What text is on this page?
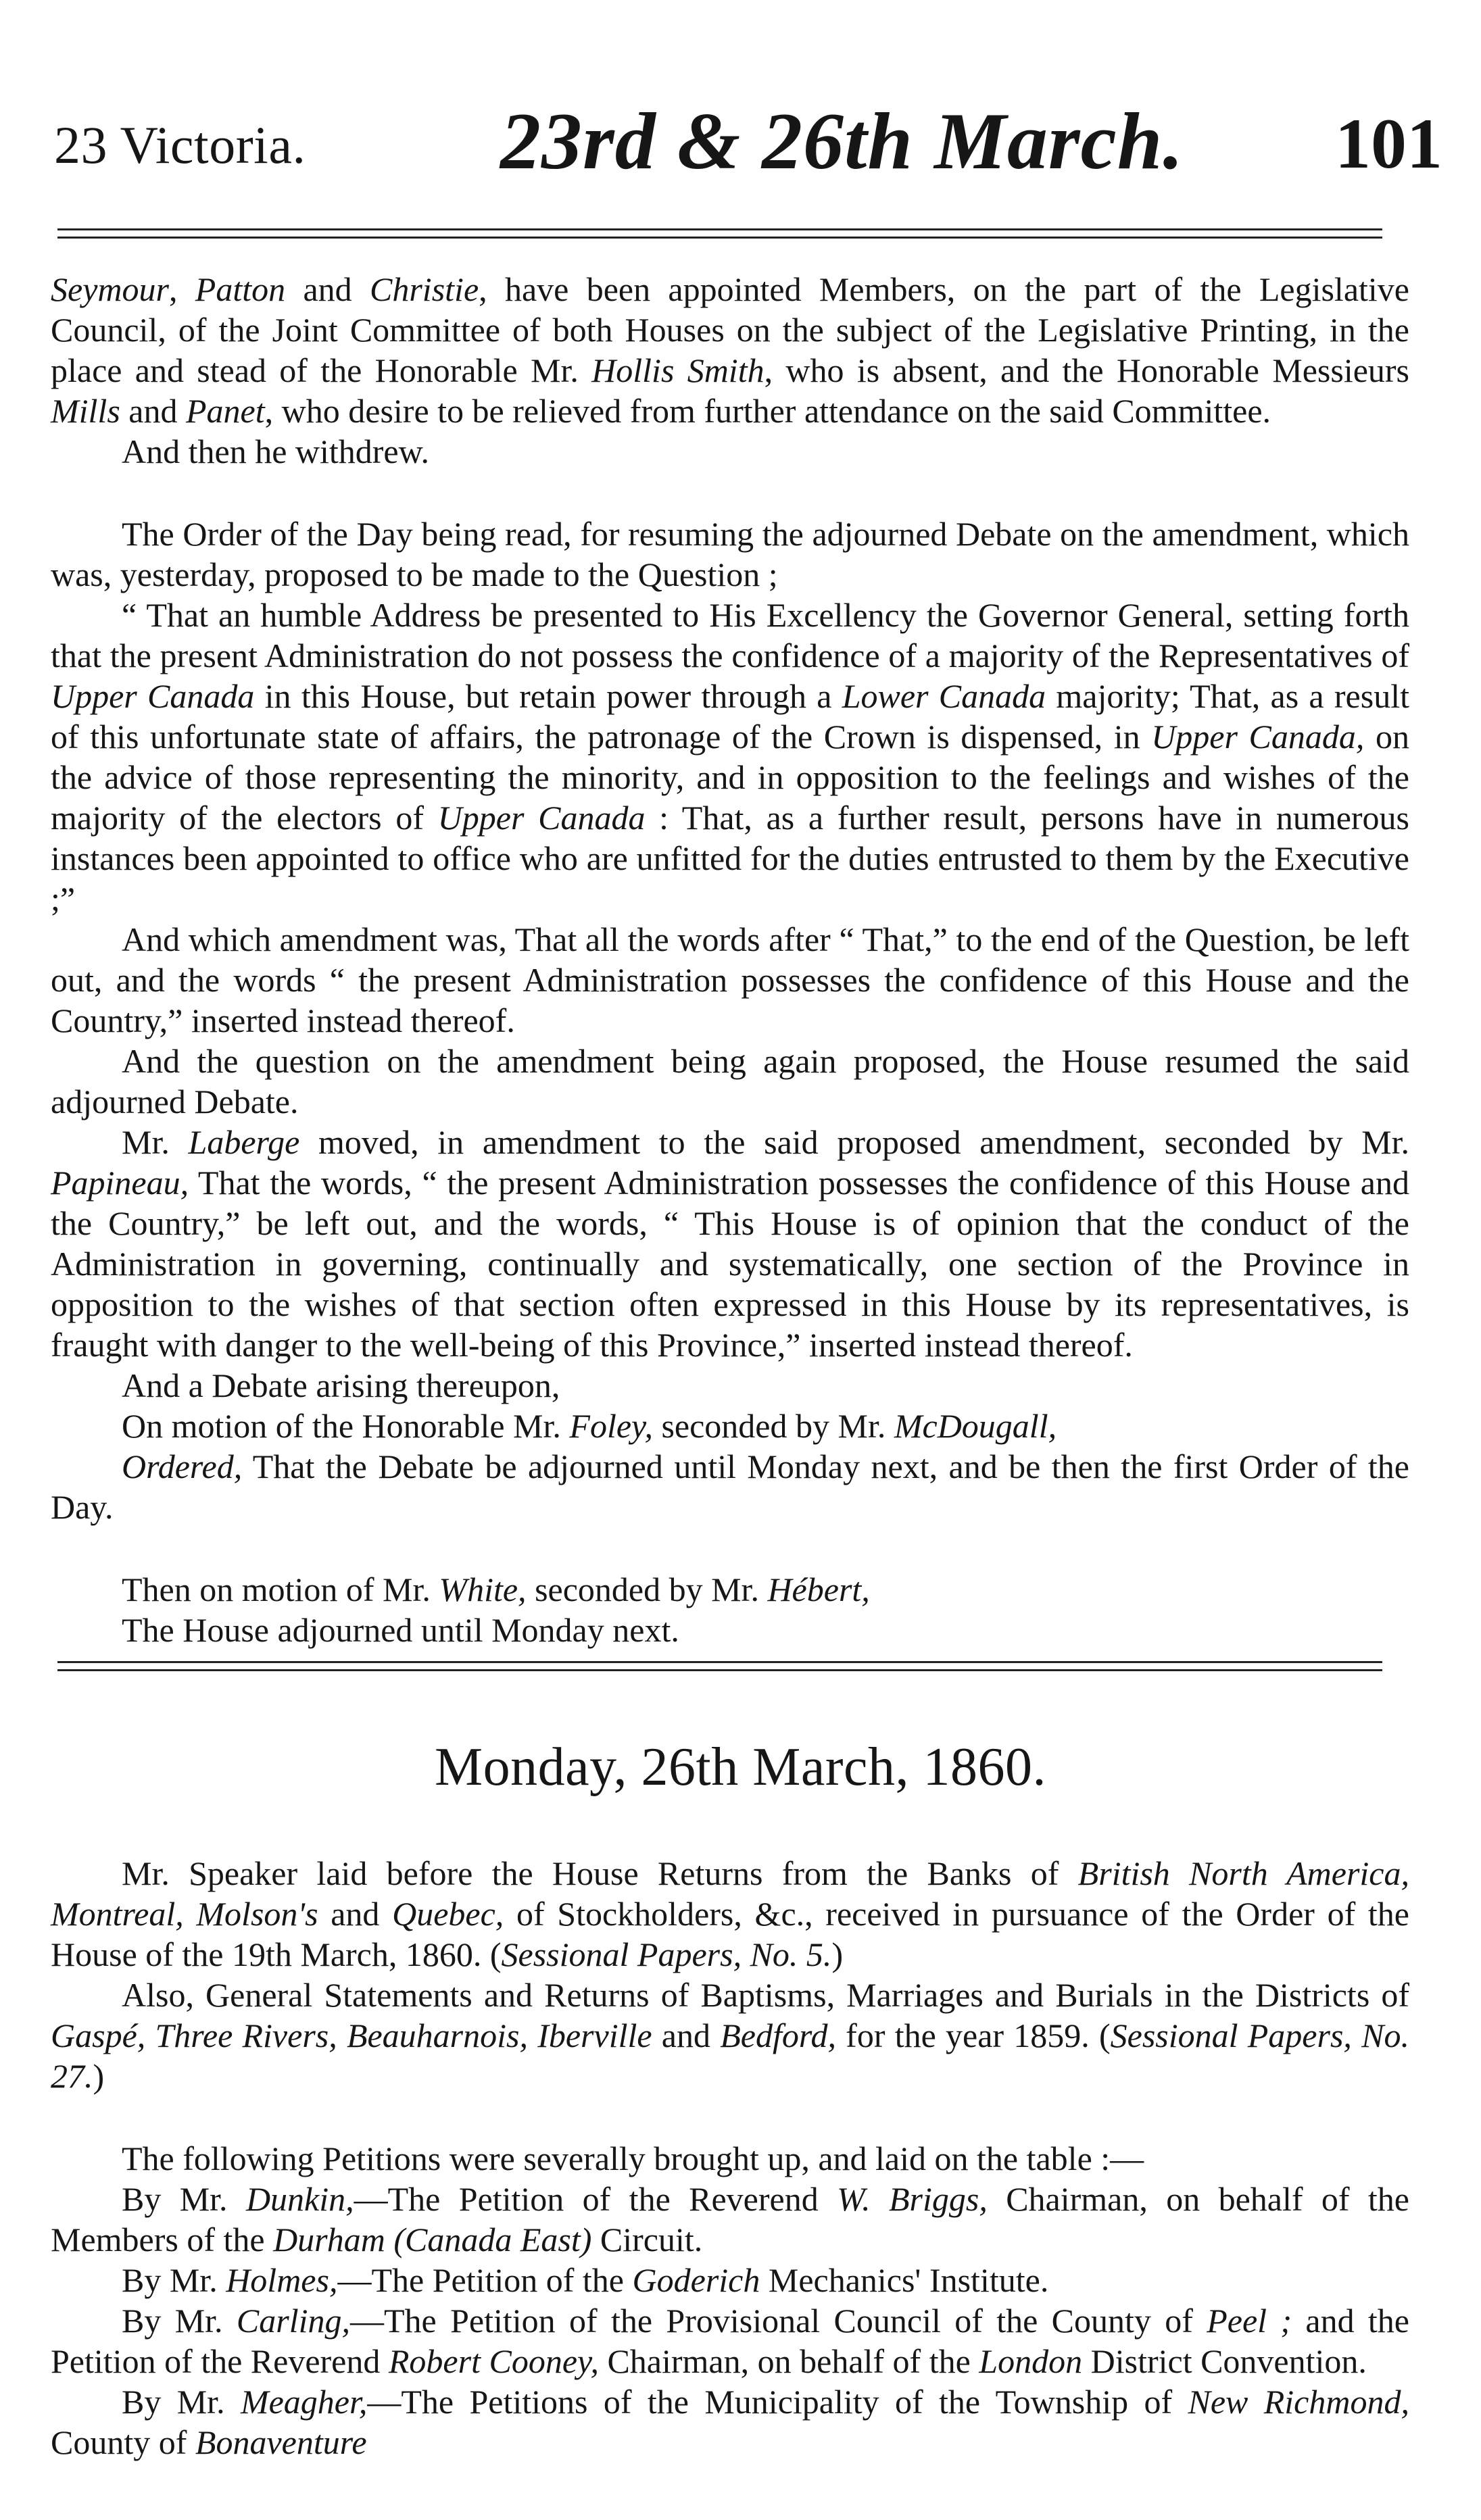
23 Victoria. 23rd & 26th March. 101

Seymour, Patton and Christie, have been appointed Members, on the part of the Legislative Council, of the Joint Committee of both Houses on the subject of the Legislative Printing, in the place and stead of the Honorable Mr. Hollis Smith, who is absent, and the Honorable Messieurs Mills and Panet, who desire to be relieved from further attendance on the said Committee.

And then he withdrew.

The Order of the Day being read, for resuming the adjourned Debate on the amendment, which was, yesterday, proposed to be made to the Question ;

“ That an humble Address be presented to His Excellency the Governor General, setting forth that the present Administration do not possess the confidence of a majority of the Representatives of Upper Canada in this House, but retain power through a Lower Canada majority; That, as a result of this unfortunate state of affairs, the patronage of the Crown is dispensed, in Upper Canada, on the advice of those representing the minority, and in opposition to the feelings and wishes of the majority of the electors of Upper Canada : That, as a further result, persons have in numerous instances been appointed to office who are unfitted for the duties entrusted to them by the Executive ;”

And which amendment was, That all the words after “ That,” to the end of the Question, be left out, and the words “ the present Administration possesses the confidence of this House and the Country,” inserted instead thereof.

And the question on the amendment being again proposed, the House resumed the said adjourned Debate.

Mr. Laberge moved, in amendment to the said proposed amendment, seconded by Mr. Papineau, That the words, “ the present Administration possesses the confidence of this House and the Country,” be left out, and the words, “ This House is of opinion that the conduct of the Administration in governing, continually and systematically, one section of the Province in opposition to the wishes of that section often expressed in this House by its representatives, is fraught with danger to the well-being of this Province,” inserted instead thereof.

And a Debate arising thereupon,

On motion of the Honorable Mr. Foley, seconded by Mr. McDougall,

Ordered, That the Debate be adjourned until Monday next, and be then the first Order of the Day.

Then on motion of Mr. White, seconded by Mr. Hébert,

The House adjourned until Monday next.

Monday, 26th March, 1860.

Mr. Speaker laid before the House Returns from the Banks of British North America, Montreal, Molson's and Quebec, of Stockholders, &c., received in pursuance of the Order of the House of the 19th March, 1860. (Sessional Papers, No. 5.)

Also, General Statements and Returns of Baptisms, Marriages and Burials in the Districts of Gaspé, Three Rivers, Beauharnois, Iberville and Bedford, for the year 1859. (Sessional Papers, No. 27.)

The following Petitions were severally brought up, and laid on the table :—

By Mr. Dunkin,—The Petition of the Reverend W. Briggs, Chairman, on behalf of the Members of the Durham (Canada East) Circuit.

By Mr. Holmes,—The Petition of the Goderich Mechanics' Institute.

By Mr. Carling,—The Petition of the Provisional Council of the County of Peel ; and the Petition of the Reverend Robert Cooney, Chairman, on behalf of the London District Convention.

By Mr. Meagher,—The Petitions of the Municipality of the Township of New Richmond, County of Bonaventure
